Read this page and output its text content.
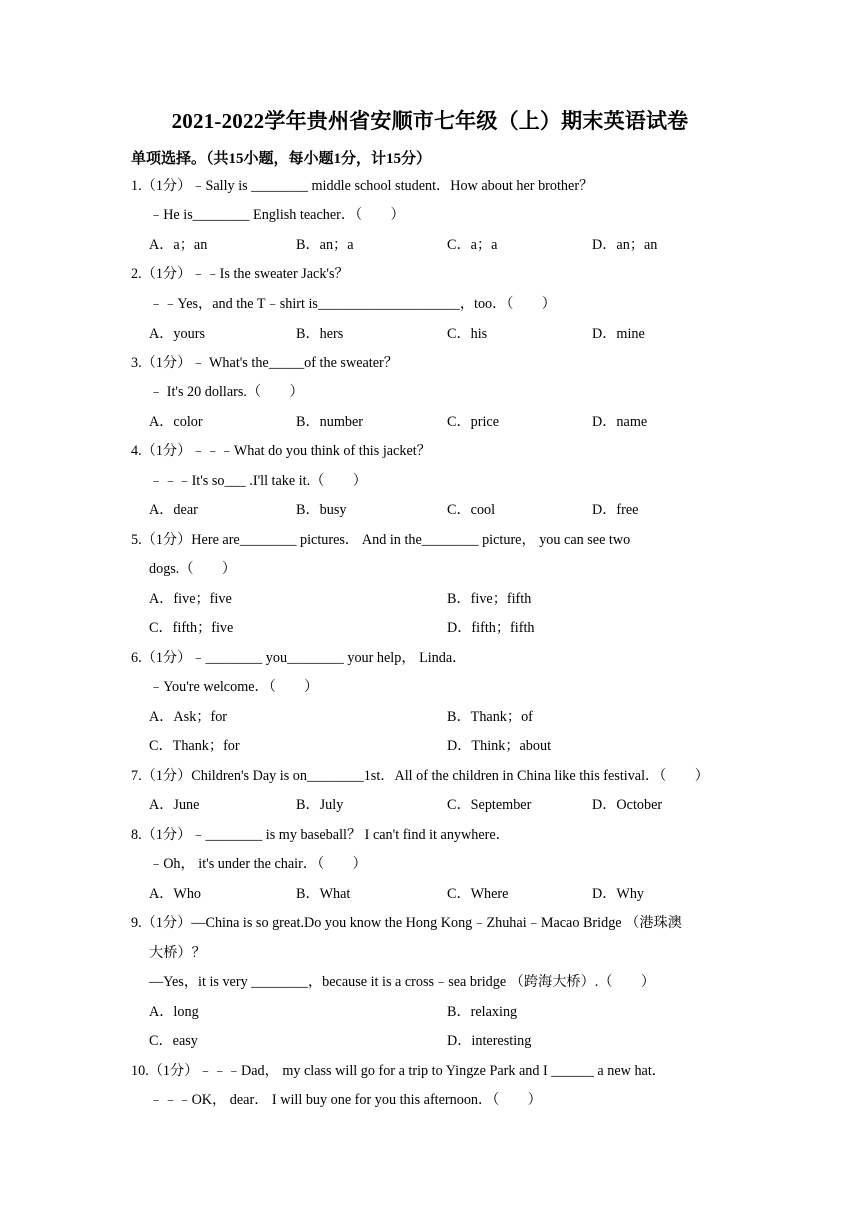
2021-2022学年贵州省安顺市七年级（上）期末英语试卷
单项选择。（共15小题，每小题1分，计15分）
1.（1分）﹣Sally is ________ middle school student．How about her brother？
﹣He is________ English teacher．（　　）
A．a；an	B．an；a	C．a；a	D．an；an
2.（1分）﹣﹣Is the sweater Jack's？
﹣﹣Yes，and the T﹣shirt is____________________，too．（　　）
A．yours	B．hers	C．his	D．mine
3.（1分）﹣ What's the_____of the sweater？
﹣ It's 20 dollars.（　　）
A．color	B．number	C．price	D．name
4.（1分）﹣﹣﹣What do you think of this jacket？
﹣﹣﹣It's so___ .I'll take it.（　　）
A．dear	B．busy	C．cool	D．free
5.（1分）Here are________ pictures． And in the________ picture， you can see two
dogs.（　　）
A．five；five	B．five；fifth
C．fifth；five	D．fifth；fifth
6.（1分）﹣________ you________ your help， Linda．
﹣You're welcome．（　　）
A．Ask；for	B．Thank；of
C．Thank；for	D．Think；about
7.（1分）Children's Day is on________1st．All of the children in China like this festival．（　　）
A．June	B．July	C．September	D．October
8.（1分）﹣________ is my baseball？ I can't find it anywhere．
﹣Oh， it's under the chair．（　　）
A．Who	B．What	C．Where	D．Why
9.（1分）—China is so great.Do you know the Hong Kong﹣Zhuhai﹣Macao Bridge （港珠澳
大桥）？
—Yes，it is very ________，because it is a cross﹣sea bridge （跨海大桥）.（　　）
A．long	B．relaxing
C．easy	D．interesting
10.（1分）﹣﹣﹣Dad， my class will go for a trip to Yingze Park and I ______ a new hat．
﹣﹣﹣OK， dear． I will buy one for you this afternoon．（　　）
